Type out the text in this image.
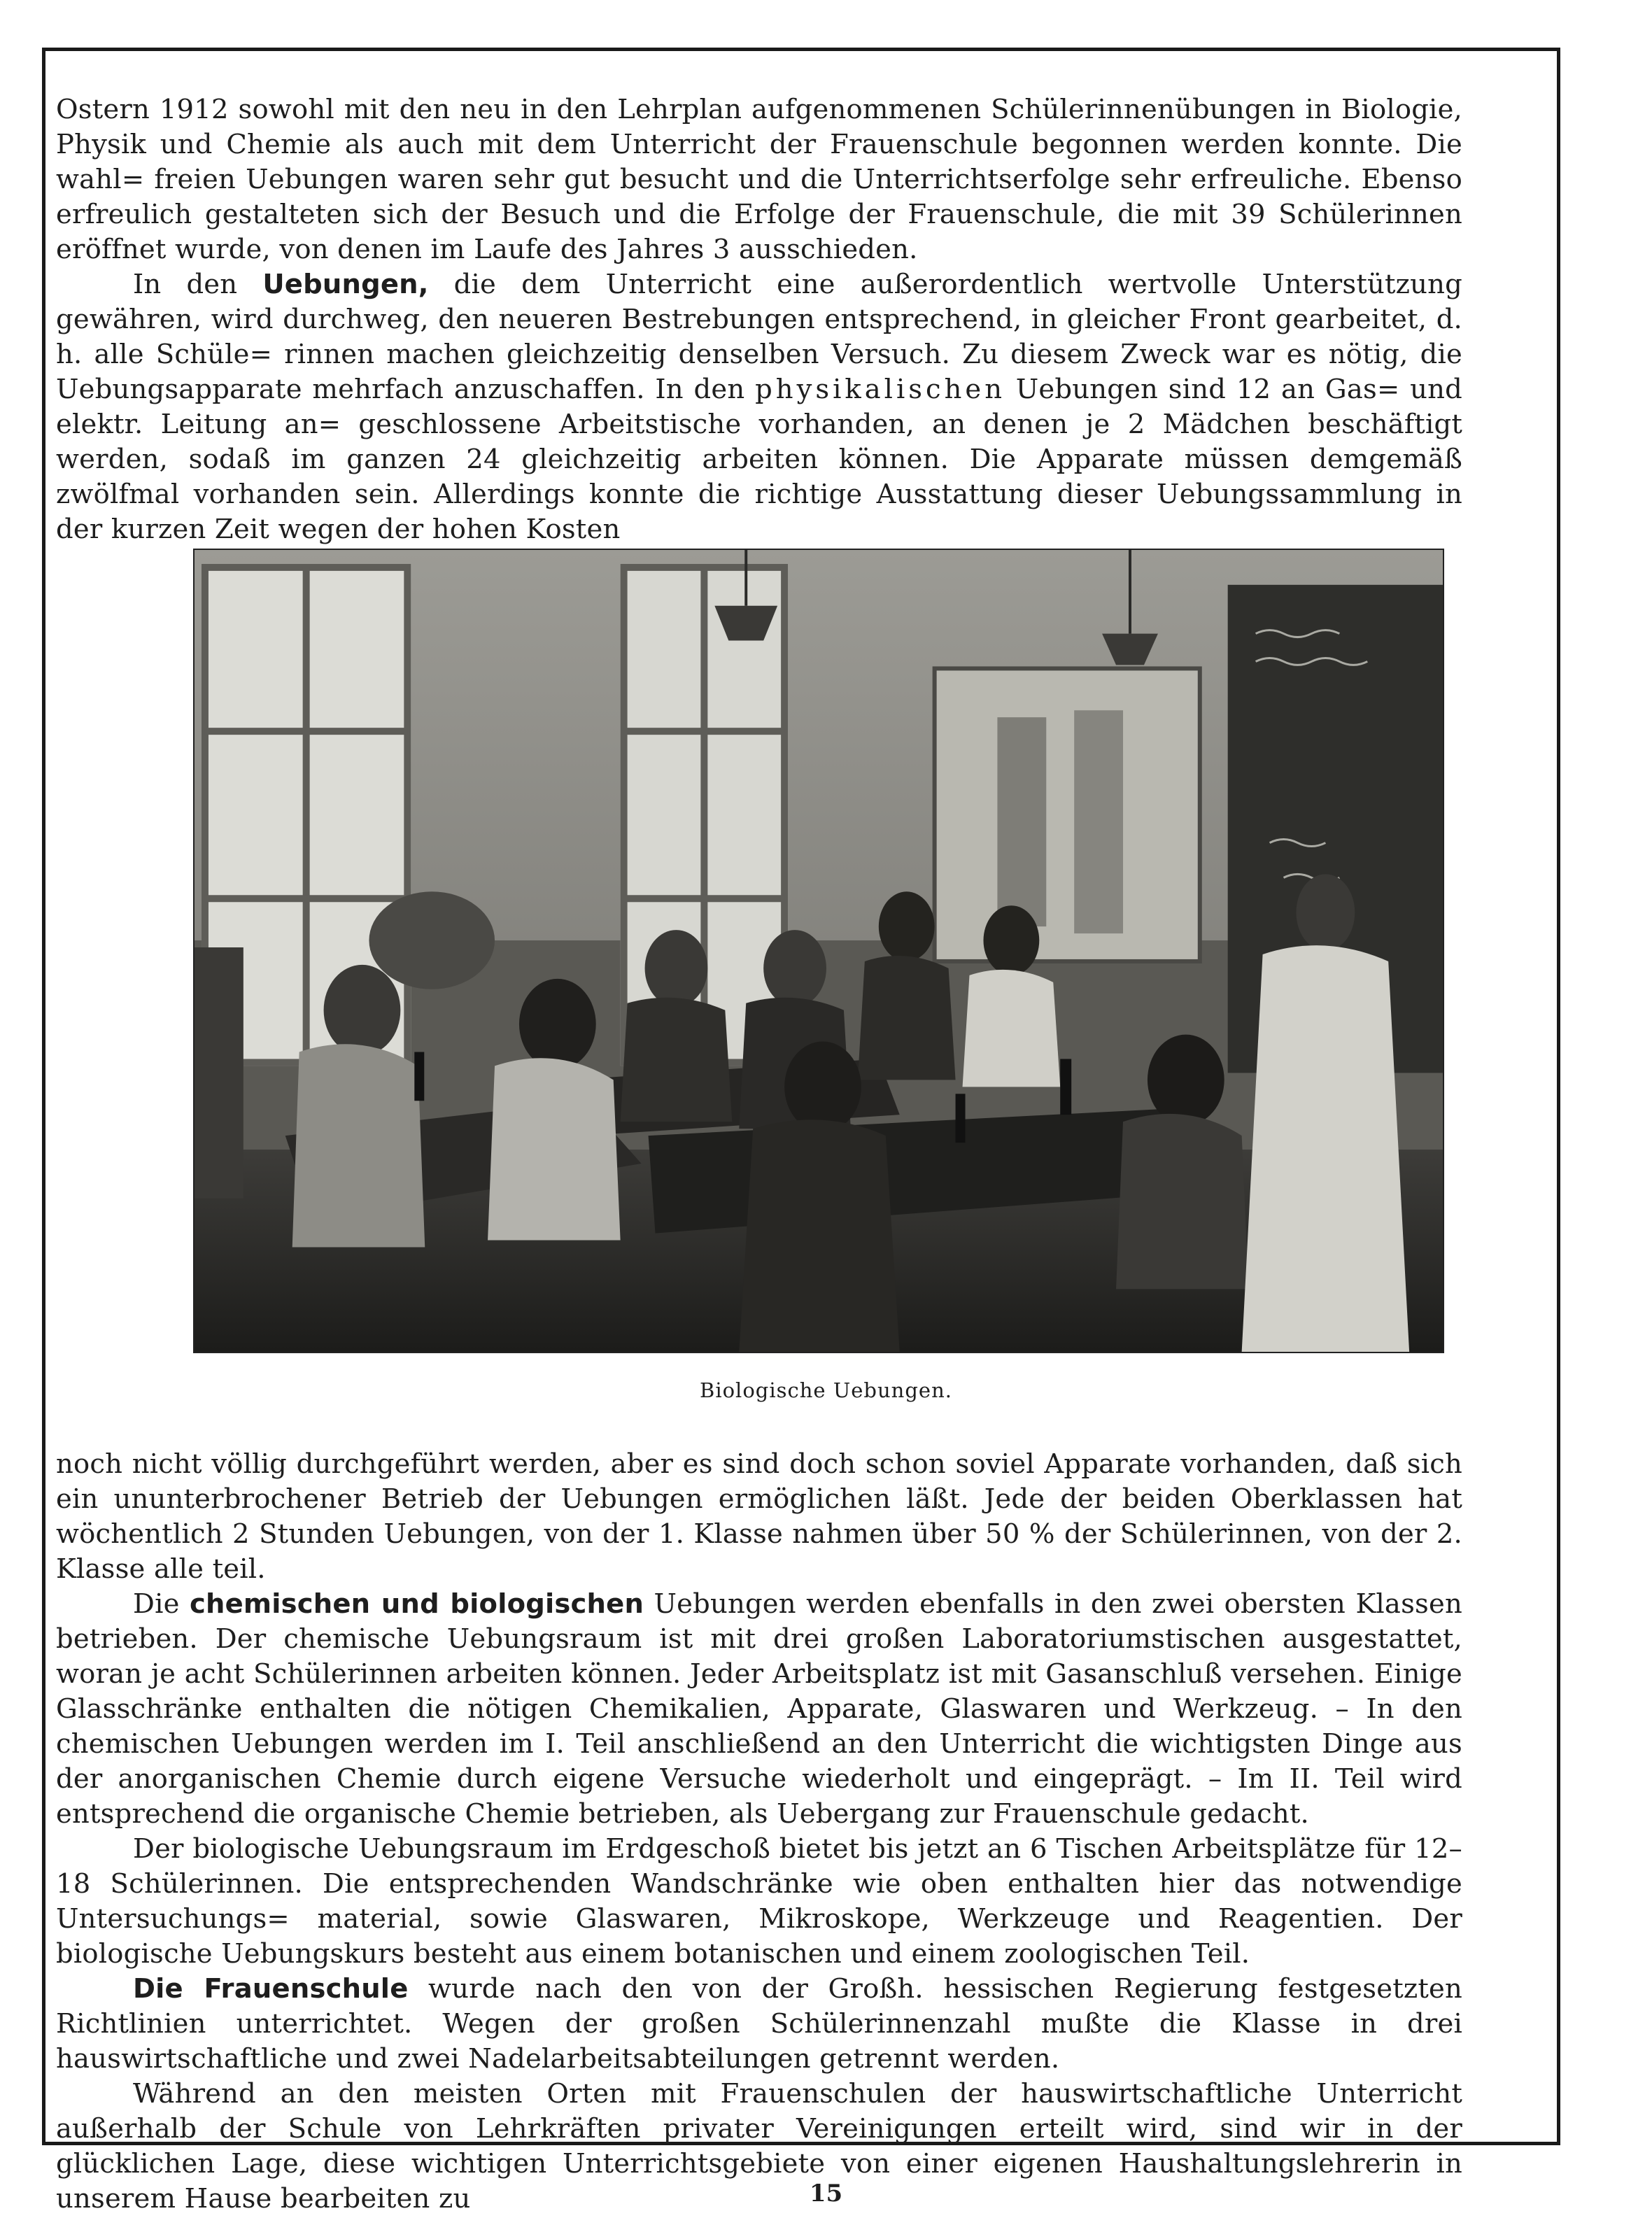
Ostern 1912 sowohl mit den neu in den Lehrplan aufgenommenen Schülerinnenübungen in Biologie, Physik und Chemie als auch mit dem Unterricht der Frauenschule begonnen werden konnte. Die wahl= freien Uebungen waren sehr gut besucht und die Unterrichtserfolge sehr erfreuliche. Ebenso erfreulich gestalteten sich der Besuch und die Erfolge der Frauenschule, die mit 39 Schülerinnen eröffnet wurde, von denen im Laufe des Jahres 3 ausschieden.

In den Uebungen, die dem Unterricht eine außerordentlich wertvolle Unterstützung gewähren, wird durchweg, den neueren Bestrebungen entsprechend, in gleicher Front gearbeitet, d. h. alle Schüle= rinnen machen gleichzeitig denselben Versuch. Zu diesem Zweck war es nötig, die Uebungsapparate mehrfach anzuschaffen. In den physikalischen Uebungen sind 12 an Gas= und elektr. Leitung an= geschlossene Arbeitstische vorhanden, an denen je 2 Mädchen beschäftigt werden, sodaß im ganzen 24 gleichzeitig arbeiten können. Die Apparate müssen demgemäß zwölfmal vorhanden sein. Allerdings konnte die richtige Ausstattung dieser Uebungssammlung in der kurzen Zeit wegen der hohen Kosten

Biologische Uebungen.

noch nicht völlig durchgeführt werden, aber es sind doch schon soviel Apparate vorhanden, daß sich ein ununterbrochener Betrieb der Uebungen ermöglichen läßt. Jede der beiden Oberklassen hat wöchentlich 2 Stunden Uebungen, von der 1. Klasse nahmen über 50 % der Schülerinnen, von der 2. Klasse alle teil.

Die chemischen und biologischen Uebungen werden ebenfalls in den zwei obersten Klassen betrieben. Der chemische Uebungsraum ist mit drei großen Laboratoriumstischen ausgestattet, woran je acht Schülerinnen arbeiten können. Jeder Arbeitsplatz ist mit Gasanschluß versehen. Einige Glasschränke enthalten die nötigen Chemikalien, Apparate, Glaswaren und Werkzeug. – In den chemischen Uebungen werden im I. Teil anschließend an den Unterricht die wichtigsten Dinge aus der anorganischen Chemie durch eigene Versuche wiederholt und eingeprägt. – Im II. Teil wird entsprechend die organische Chemie betrieben, als Uebergang zur Frauenschule gedacht.

Der biologische Uebungsraum im Erdgeschoß bietet bis jetzt an 6 Tischen Arbeitsplätze für 12–18 Schülerinnen. Die entsprechenden Wandschränke wie oben enthalten hier das notwendige Untersuchungs= material, sowie Glaswaren, Mikroskope, Werkzeuge und Reagentien. Der biologische Uebungskurs besteht aus einem botanischen und einem zoologischen Teil.

Die Frauenschule wurde nach den von der Großh. hessischen Regierung festgesetzten Richtlinien unterrichtet. Wegen der großen Schülerinnenzahl mußte die Klasse in drei hauswirtschaftliche und zwei Nadelarbeitsabteilungen getrennt werden.

Während an den meisten Orten mit Frauenschulen der hauswirtschaftliche Unterricht außerhalb der Schule von Lehrkräften privater Vereinigungen erteilt wird, sind wir in der glücklichen Lage, diese wichtigen Unterrichtsgebiete von einer eigenen Haushaltungslehrerin in unserem Hause bearbeiten zu	15
